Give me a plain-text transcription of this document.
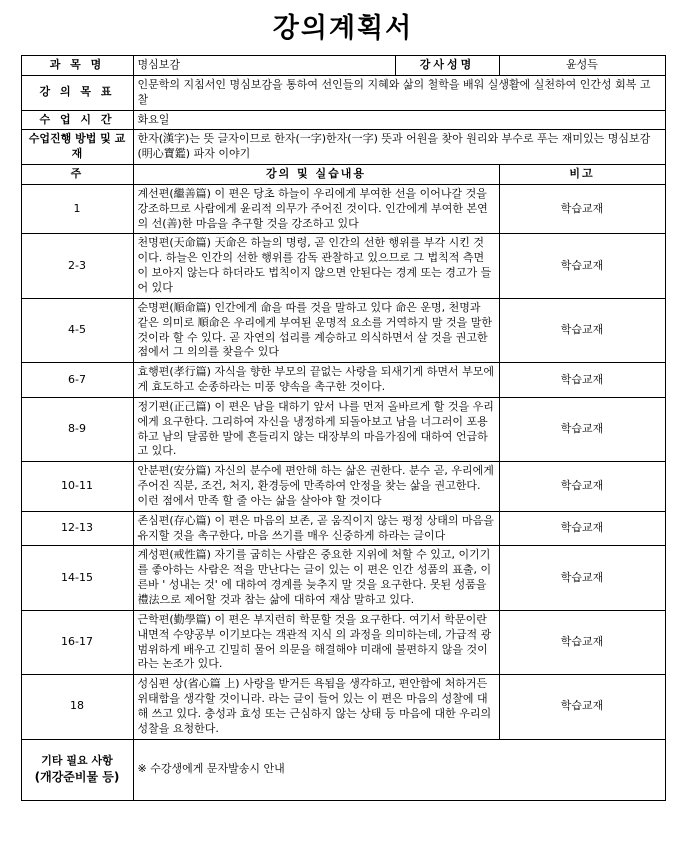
강의계획서
과 목 명	명심보감	강사성명	윤성득
강 의 목 표	인문학의 지침서인 명심보감을 통하여 선인들의 지혜와 삶의 철학을 배워 실생활에 실천하여 인간성 회복 고찰		
수 업 시 간	화요일		
수업진행 방법 및 교재	한자(漢字)는 뜻 글자이므로 한자(一字)한자(一字) 뜻과 어원을 찾아 원리와 부수로 푸는 재미있는 명심보감(明心寶鑑) 파자 이야기		
주	강의 및 실습내용		비고
1	계선편(繼善篇) 이 편은 당초 하늘이 우리에게 부여한 선을 이어나갈 것을 강조하므로 사람에게 윤리적 의무가 주어진 것이다. 인간에게 부여한 본연의 선(善)한 마음을 추구할 것을 강조하고 있다		학습교재
2-3	천명편(天命篇) 天命은 하늘의 명령, 곧 인간의 선한 행위를 부각 시킨 것이다. 하늘은 인간의 선한 행위를 감독 관찰하고 있으므로 그 법칙적 측면이 보아지 않는다 하더라도 법칙이지 않으면 안된다는 경계 또는 경고가 들어 있다		학습교재
4-5	순명편(順命篇) 인간에게 命을 따를 것을 말하고 있다 命은 운명, 천명과 같은 의미로 順命은 우리에게 부여된 운명적 요소를 거역하지 말 것을 말한 것이라 할 수 있다. 곧 자연의 섭리를 계승하고 의식하면서 살 것을 권고한 점에서 그 의의를 찾을수 있다		학습교재
6-7	효행편(孝行篇) 자식을 향한 부모의 끝없는 사랑을 되새기게 하면서 부모에게 효도하고 순종하라는 미풍 양속을 촉구한 것이다.		학습교재
8-9	정기편(正己篇) 이 편은 남을 대하기 앞서 나를 먼저 올바르게 할 것을 우리에게 요구한다. 그리하여 자신을 냉정하게 되돌아보고 남을 너그러이 포용하고 남의 달콤한 말에 흔들리지 않는 대장부의 마음가짐에 대하여 언급하고 있다.		학습교재
10-11	안분편(安分篇) 자신의 분수에 편안해 하는 삶은 권한다. 분수 곧, 우리에게 주어진 직분, 조건, 처지, 환경등에 만족하여 안정을 찾는 삶을 권고한다. 이런 점에서 만족 할 줄 아는 삶을 살아야 할 것이다		학습교재
12-13	존심편(存心篇) 이 편은 마음의 보존, 곧 움직이지 않는 평정 상태의 마음을 유지할 것을 촉구한다, 마음 쓰기를 매우 신중하게 하라는 글이다		학습교재
14-15	계성편(戒性篇) 자기를 굽히는 사람은 중요한 지위에 처할 수 있고, 이기기를 좋아하는 사람은 적을 만난다는 글이 있는 이 편은 인간 성품의 표출, 이른바 ' 성내는 것' 에 대하여 경계를 늦추지 말 것을 요구한다. 못된 성품을 禮法으로 제어할 것과 참는 삶에 대하여 재삼 말하고 있다.		학습교재
16-17	근학편(勤學篇) 이 편은 부지런히 학문할 것을 요구한다. 여기서 학문이란 내면적 수양공부 이기보다는 객관적 지식 의 과정을 의미하는데, 가급적 광범위하게 배우고 긴밀히 물어 의문을 해결해야 미래에 불편하지 않을 것이라는 논조가 있다.		학습교재
18	성심편 상(省心篇 上) 사랑을 받거든 욕됨을 생각하고, 편안함에 처하거든 위태함을 생각할 것이니라. 라는 글이 들어 있는 이 편은 마음의 성찰에 대해 쓰고 있다. 충성과 효성 또는 근심하지 않는 상태 등 마음에 대한 우리의 성찰을 요청한다.		학습교재
기타 필요 사항
(개강준비물 등)	※ 수강생에게 문자발송시 안내		
